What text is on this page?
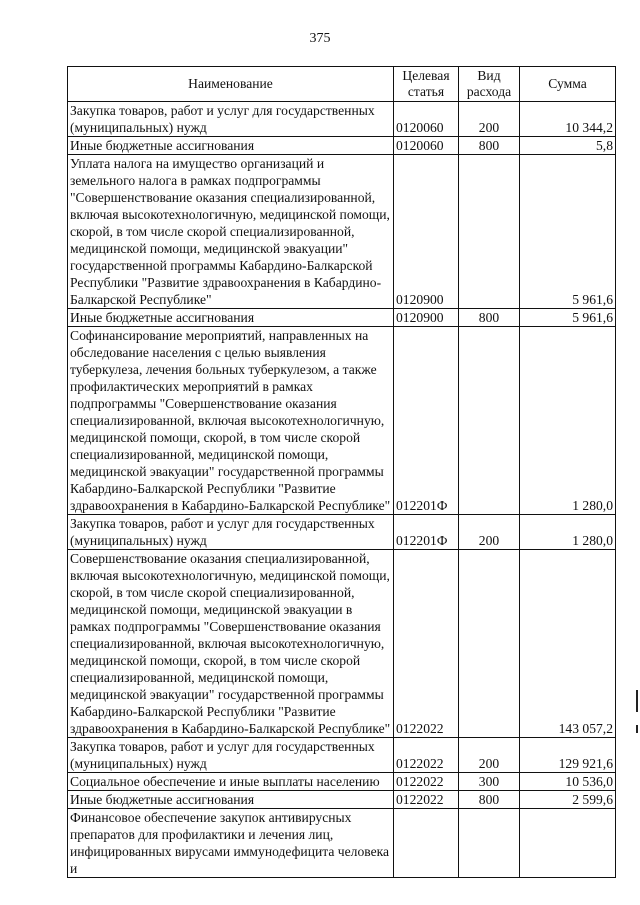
375
Наименование	Целевая статья	Вид расхода	Сумма
Закупка товаров, работ и услуг для государственных (муниципальных) нужд	0120060	200	10 344,2
Иные бюджетные ассигнования	0120060	800	5,8
Уплата налога на имущество организаций и земельного налога в рамках подпрограммы "Совершенствование оказания специализированной, включая высокотехнологичную, медицинской помощи, скорой, в том числе скорой специализированной, медицинской помощи, медицинской эвакуации" государственной программы Кабардино-Балкарской Республики "Развитие здравоохранения в Кабардино-Балкарской Республике"	0120900		5 961,6
Иные бюджетные ассигнования	0120900	800	5 961,6
Софинансирование мероприятий, направленных на обследование населения с целью выявления туберкулеза, лечения больных туберкулезом, а также профилактических мероприятий в рамках подпрограммы "Совершенствование оказания специализированной, включая высокотехнологичную, медицинской помощи, скорой, в том числе скорой специализированной, медицинской помощи, медицинской эвакуации" государственной программы Кабардино-Балкарской Республики "Развитие здравоохранения в Кабардино-Балкарской Республике"	012201Ф		1 280,0
Закупка товаров, работ и услуг для государственных (муниципальных) нужд	012201Ф	200	1 280,0
Совершенствование оказания специализированной, включая высокотехнологичную, медицинской помощи, скорой, в том числе скорой специализированной, медицинской помощи, медицинской эвакуации в рамках подпрограммы "Совершенствование оказания специализированной, включая высокотехнологичную, медицинской помощи, скорой, в том числе скорой специализированной, медицинской помощи, медицинской эвакуации" государственной программы Кабардино-Балкарской Республики "Развитие здравоохранения в Кабардино-Балкарской Республике"	0122022		143 057,2
Закупка товаров, работ и услуг для государственных (муниципальных) нужд	0122022	200	129 921,6
Социальное обеспечение и иные выплаты населению	0122022	300	10 536,0
Иные бюджетные ассигнования	0122022	800	2 599,6
Финансовое обеспечение закупок антивирусных препаратов для профилактики и лечения лиц, инфицированных вирусами иммунодефицита человека и			
